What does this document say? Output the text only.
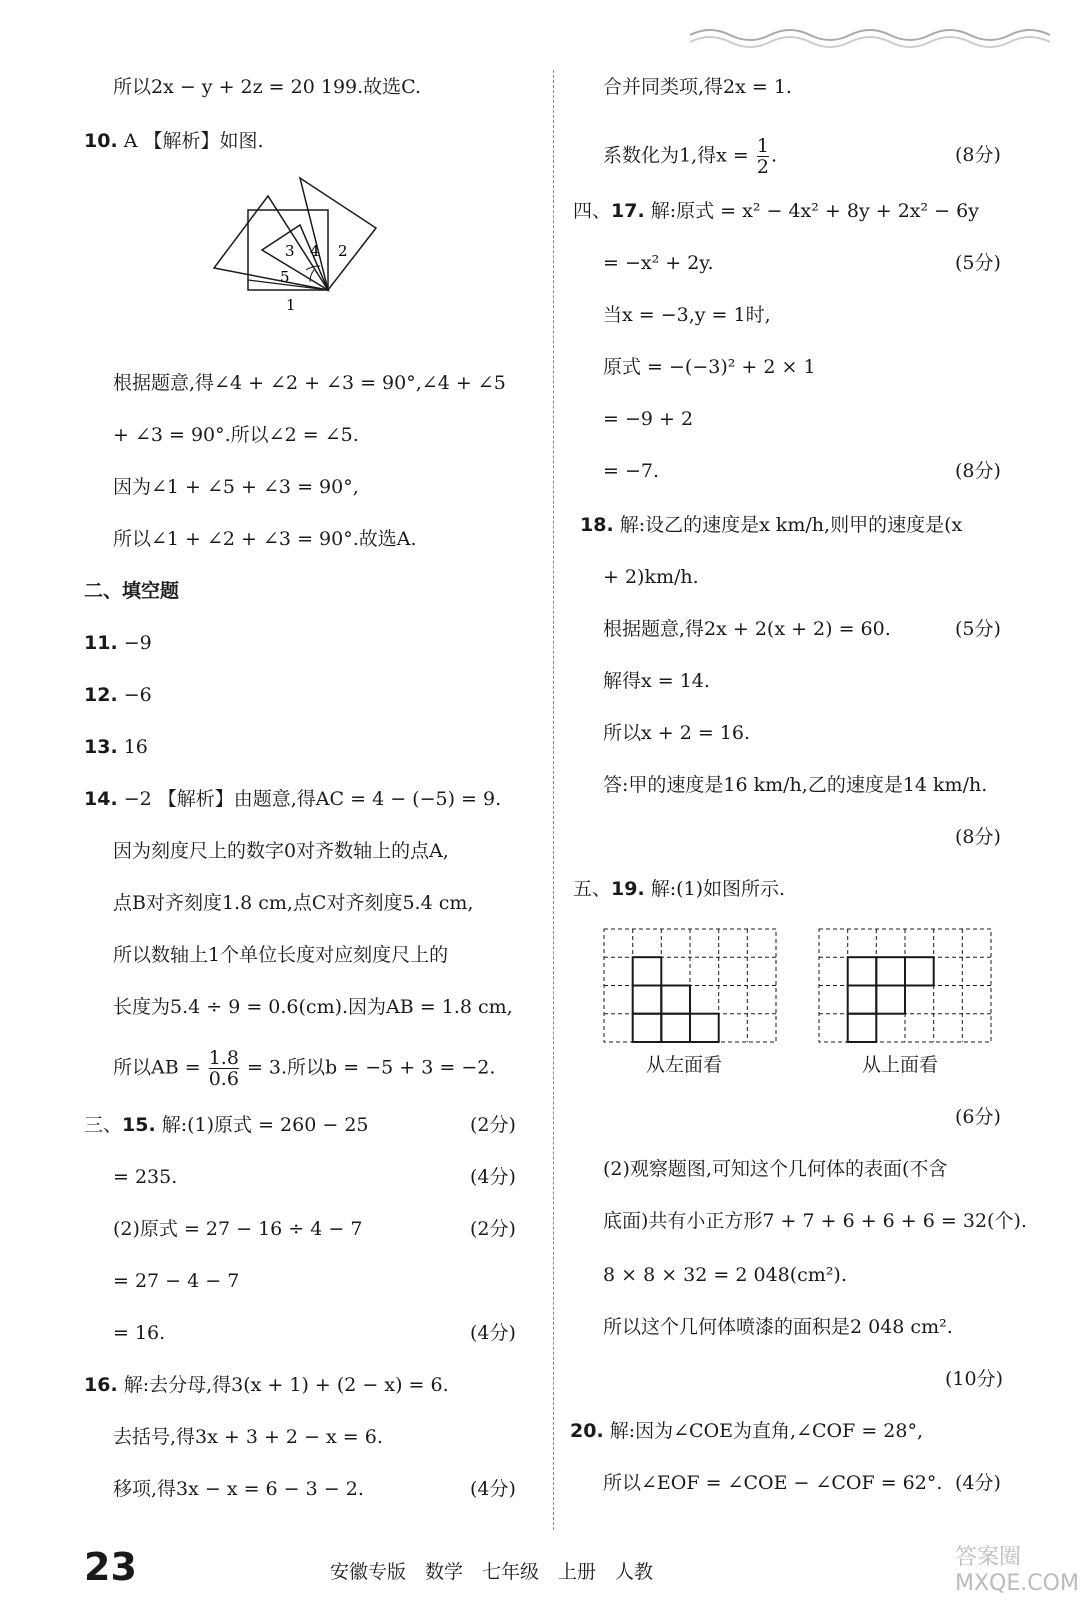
所以2x − y + 2z = 20 199.故选C.
10. A 【解析】如图.
3 4 2
5
1
根据题意,得∠4 + ∠2 + ∠3 = 90°,∠4 + ∠5
+ ∠3 = 90°.所以∠2 = ∠5.
因为∠1 + ∠5 + ∠3 = 90°,
所以∠1 + ∠2 + ∠3 = 90°.故选A.
二、填空题
11. −9
12. −6
13. 16
14. −2 【解析】由题意,得AC = 4 − (−5) = 9.
因为刻度尺上的数字0对齐数轴上的点A,
点B对齐刻度1.8 cm,点C对齐刻度5.4 cm,
所以数轴上1个单位长度对应刻度尺上的
长度为5.4 ÷ 9 = 0.6(cm).因为AB = 1.8 cm,
所以AB = $\frac{1.8}{0.6} = 3$.所以b = −5 + 3 = −2.
三、15. 解:(1)原式 = 260 − 25	(2分)
= 235.	(4分)
(2)原式 = 27 − 16 ÷ 4 − 7	(2分)
= 27 − 4 − 7
= 16.	(4分)
16. 解:去分母,得3(x + 1) + (2 − x) = 6.
去括号,得3x + 3 + 2 − x = 6.
移项,得3x − x = 6 − 3 − 2.	(4分)
合并同类项,得2x = 1.
系数化为1,得$x = \frac{1}{2}$ .	(8分)
四、17. 解:原式 = x² − 4x² + 8y + 2x² − 6y
= −x² + 2y.	(5分)
当x = −3,y = 1时,
原式 = −(−3)² + 2 × 1
= −9 + 2
= −7.	(8分)
18. 解:设乙的速度是x km/h,则甲的速度是(x
+ 2)km/h.
根据题意,得2x + 2(x + 2) = 60.	(5分)
解得x = 14.
所以x + 2 = 16.
答:甲的速度是16 km/h,乙的速度是14 km/h.
(8分)
五、19. 解:(1)如图所示.
从左面看	从上面看
(6分)
(2)观察题图,可知这个几何体的表面(不含
底面)共有小正方形7 + 7 + 6 + 6 + 6 = 32(个).
8 × 8 × 32 = 2 048(cm²).
所以这个几何体喷漆的面积是2 048 cm².
(10分)
20. 解:因为∠COE为直角,∠COF = 28°,
所以∠EOF = ∠COE − ∠COF = 62°. (4分)
23	安徽专版　数学　七年级　上册　人教
答案圈 MXQE.COM
